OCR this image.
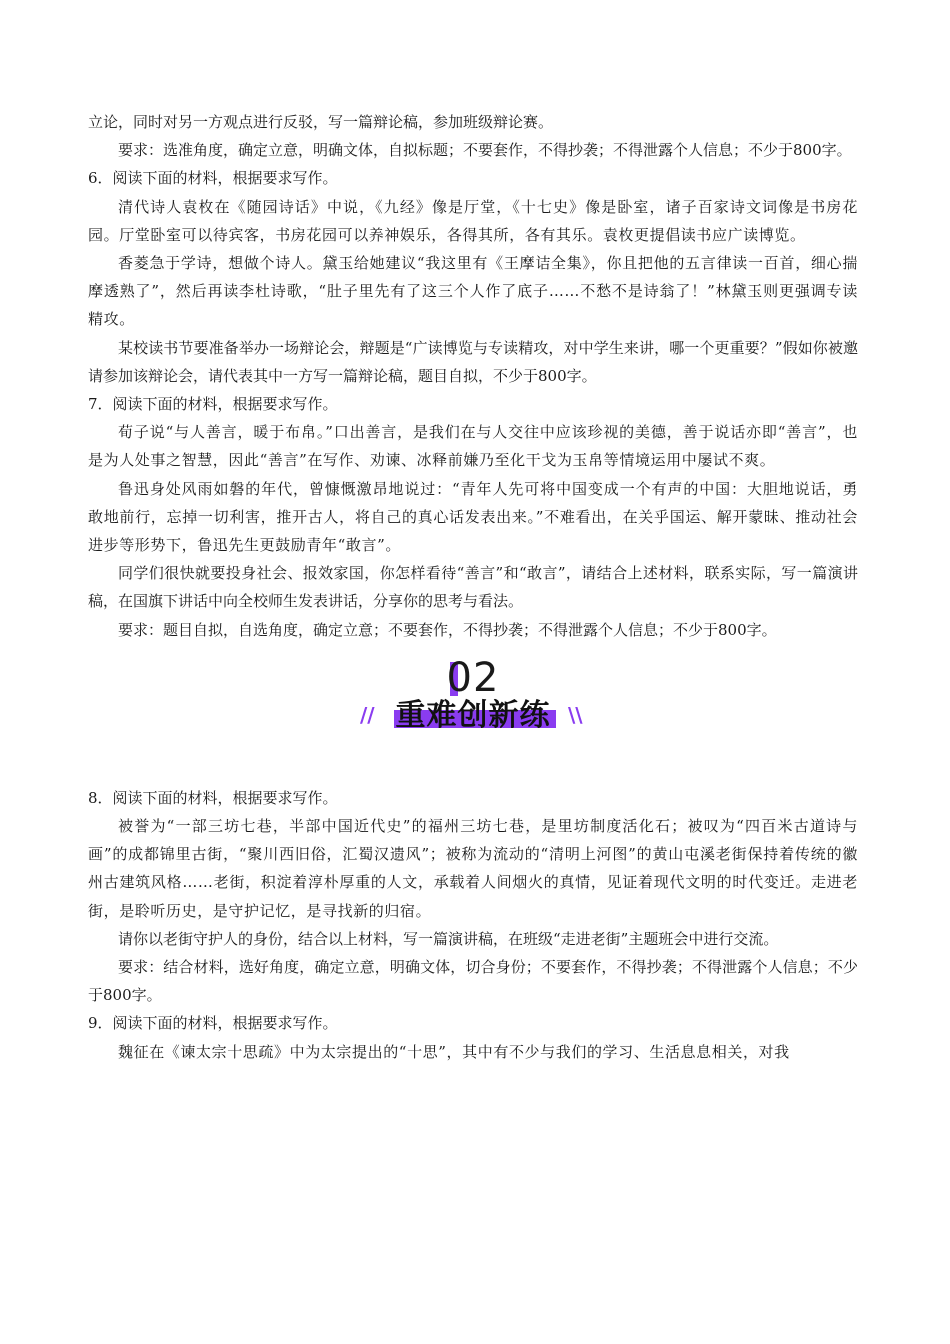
立论，同时对另一方观点进行反驳，写一篇辩论稿，参加班级辩论赛。

要求：选准角度，确定立意，明确文体，自拟标题；不要套作，不得抄袭；不得泄露个人信息；不少于800字。

6．阅读下面的材料，根据要求写作。

清代诗人袁枚在《随园诗话》中说，《九经》像是厅堂，《十七史》像是卧室，诸子百家诗文词像是书房花园。厅堂卧室可以待宾客，书房花园可以养神娱乐，各得其所，各有其乐。袁枚更提倡读书应广读博览。

香菱急于学诗，想做个诗人。黛玉给她建议“我这里有《王摩诘全集》，你且把他的五言律读一百首，细心揣摩透熟了”，然后再读李杜诗歌，“肚子里先有了这三个人作了底子……不愁不是诗翁了！”林黛玉则更强调专读精攻。

某校读书节要准备举办一场辩论会，辩题是“广读博览与专读精攻，对中学生来讲，哪一个更重要？”假如你被邀请参加该辩论会，请代表其中一方写一篇辩论稿，题目自拟，不少于800字。

7．阅读下面的材料，根据要求写作。

荀子说“与人善言，暖于布帛。”口出善言，是我们在与人交往中应该珍视的美德，善于说话亦即“善言”，也是为人处事之智慧，因此“善言”在写作、劝谏、冰释前嫌乃至化干戈为玉帛等情境运用中屡试不爽。

鲁迅身处风雨如磐的年代，曾慷慨激昂地说过：“青年人先可将中国变成一个有声的中国：大胆地说话，勇敢地前行，忘掉一切利害，推开古人，将自己的真心话发表出来。”不难看出，在关乎国运、解开蒙昧、推动社会进步等形势下，鲁迅先生更鼓励青年“敢言”。

同学们很快就要投身社会、报效家国，你怎样看待“善言”和“敢言”，请结合上述材料，联系实际，写一篇演讲稿，在国旗下讲话中向全校师生发表讲话，分享你的思考与看法。

要求：题目自拟，自选角度，确定立意；不要套作，不得抄袭；不得泄露个人信息；不少于800字。

02
// 重难创新练 \\

8．阅读下面的材料，根据要求写作。

被誉为“一部三坊七巷，半部中国近代史”的福州三坊七巷，是里坊制度活化石；被叹为“四百米古道诗与画”的成都锦里古街，“聚川西旧俗，汇蜀汉遗风”；被称为流动的“清明上河图”的黄山屯溪老街保持着传统的徽州古建筑风格……老街，积淀着淳朴厚重的人文，承载着人间烟火的真情，见证着现代文明的时代变迁。走进老街，是聆听历史，是守护记忆，是寻找新的归宿。

请你以老街守护人的身份，结合以上材料，写一篇演讲稿，在班级“走进老街”主题班会中进行交流。

要求：结合材料，选好角度，确定立意，明确文体，切合身份；不要套作，不得抄袭；不得泄露个人信息；不少于800字。

9．阅读下面的材料，根据要求写作。

魏征在《谏太宗十思疏》中为太宗提出的“十思”，其中有不少与我们的学习、生活息息相关，对我
